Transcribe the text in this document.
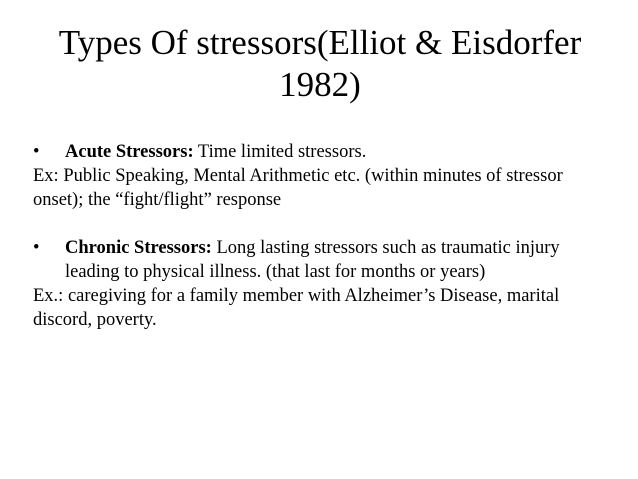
Types Of stressors(Elliot & Eisdorfer
1982)
• Acute Stressors: Time limited stressors.

Ex: Public Speaking, Mental Arithmetic etc. (within minutes of stressor onset); the “fight/flight” response

• Chronic Stressors: Long lasting stressors such as traumatic injury leading to physical illness. (that last for months or years)

Ex.: caregiving for a family member with Alzheimer’s Disease, marital discord, poverty.
